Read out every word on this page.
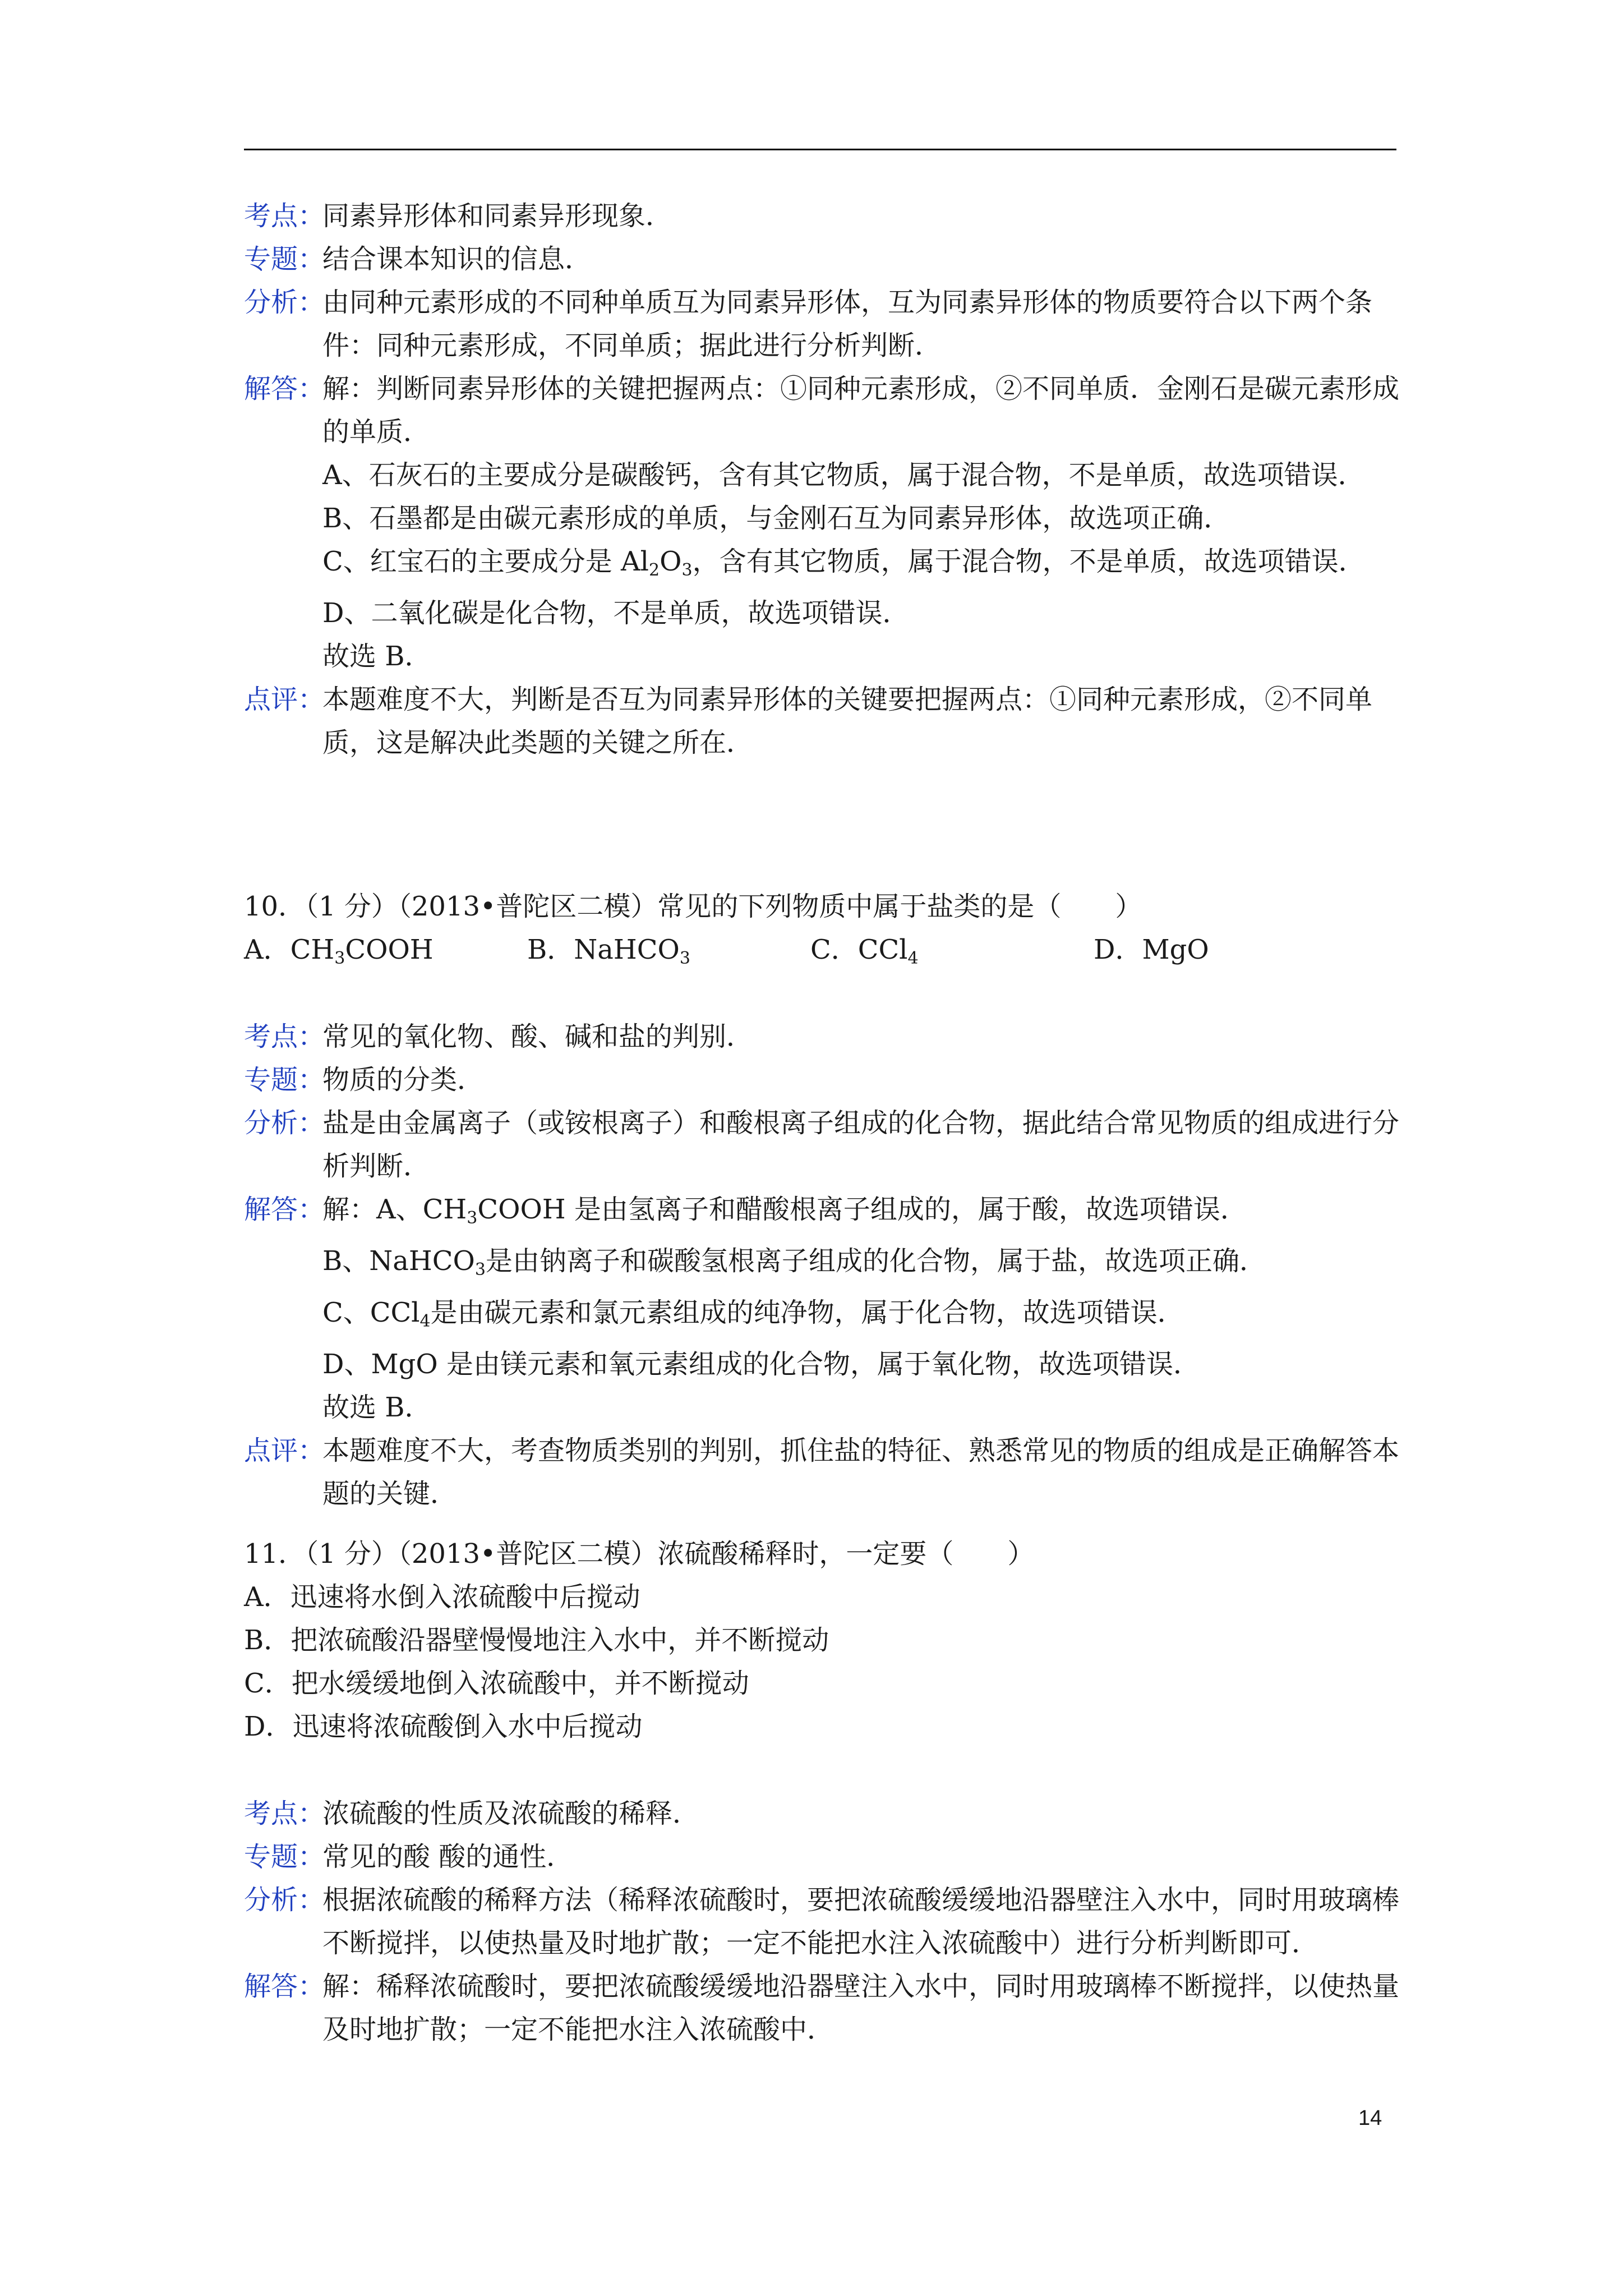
考点：
同素异形体和同素异形现象．
专题：
结合课本知识的信息．
分析：
由同种元素形成的不同种单质互为同素异形体，互为同素异形体的物质要符合以下两个条件：同种元素形成，不同单质；据此进行分析判断．
解答：
解：判断同素异形体的关键把握两点：①同种元素形成，②不同单质．金刚石是碳元素形成的单质．
A、石灰石的主要成分是碳酸钙，含有其它物质，属于混合物，不是单质，故选项错误．
B、石墨都是由碳元素形成的单质，与金刚石互为同素异形体，故选项正确．
C、红宝石的主要成分是 $Al_2O_3$，含有其它物质，属于混合物，不是单质，故选项错误．
D、二氧化碳是化合物，不是单质，故选项错误．
故选 B．
点评：
本题难度不大，判断是否互为同素异形体的关键要把握两点：①同种元素形成，②不同单质，这是解决此类题的关键之所在．
10．（1 分）（2013•普陀区二模）常见的下列物质中属于盐类的是（　　）
A．$CH_3COOH$	B．NaHCO$_3$	C．CCl$_4$	D．MgO
考点：
常见的氧化物、酸、碱和盐的判别．
专题：
物质的分类．
分析：
盐是由金属离子（或铵根离子）和酸根离子组成的化合物，据此结合常见物质的组成进行分析判断．
解答：
解：A、$CH_3COOH$ 是由氢离子和醋酸根离子组成的，属于酸，故选项错误．
B、NaHCO$_3$是由钠离子和碳酸氢根离子组成的化合物，属于盐，故选项正确．
C、CCl$_4$是由碳元素和氯元素组成的纯净物，属于化合物，故选项错误．
D、MgO 是由镁元素和氧元素组成的化合物，属于氧化物，故选项错误．
故选 B．
点评：
本题难度不大，考查物质类别的判别，抓住盐的特征、熟悉常见的物质的组成是正确解答本题的关键．
11．（1 分）（2013•普陀区二模）浓硫酸稀释时，一定要（　　）
A．迅速将水倒入浓硫酸中后搅动
B．把浓硫酸沿器壁慢慢地注入水中，并不断搅动
C．把水缓缓地倒入浓硫酸中，并不断搅动
D．迅速将浓硫酸倒入水中后搅动
考点：
浓硫酸的性质及浓硫酸的稀释．
专题：
常见的酸 酸的通性．
分析：
根据浓硫酸的稀释方法（稀释浓硫酸时，要把浓硫酸缓缓地沿器壁注入水中，同时用玻璃棒不断搅拌，以使热量及时地扩散；一定不能把水注入浓硫酸中）进行分析判断即可．
解答：
解：稀释浓硫酸时，要把浓硫酸缓缓地沿器壁注入水中，同时用玻璃棒不断搅拌，以使热量及时地扩散；一定不能把水注入浓硫酸中．
14
